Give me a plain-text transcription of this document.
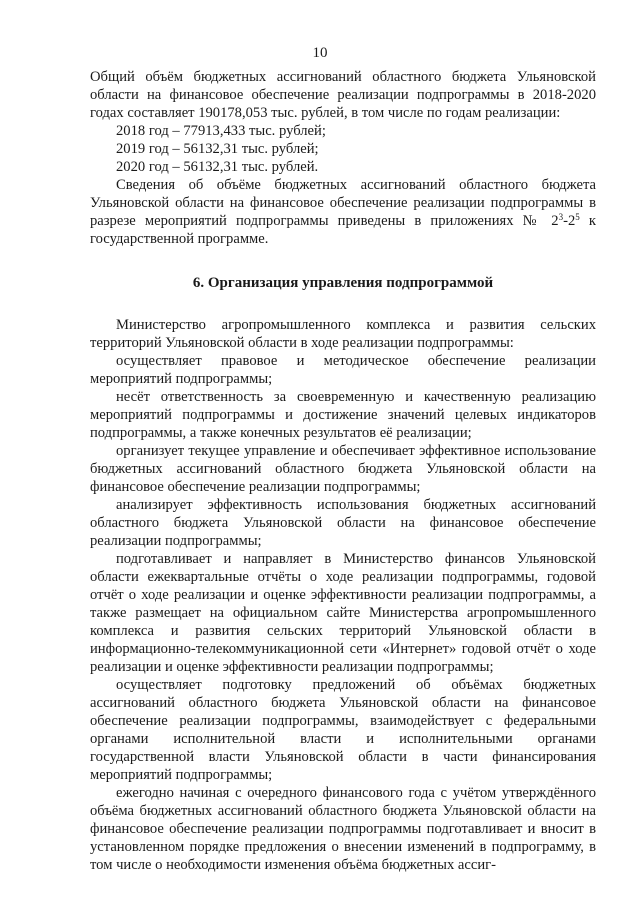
10

Общий объём бюджетных ассигнований областного бюджета Ульяновской области на финансовое обеспечение реализации подпрограммы в 2018-2020 годах составляет 190178,053 тыс. рублей, в том числе по годам реализации:

2018 год – 77913,433 тыс. рублей;

2019 год – 56132,31 тыс. рублей;

2020 год – 56132,31 тыс. рублей.

Сведения об объёме бюджетных ассигнований областного бюджета Ульяновской области на финансовое обеспечение реализации подпрограммы в разрезе мероприятий подпрограммы приведены в приложениях № $2^3-2^5$ к государственной программе.

6. Организация управления подпрограммой

Министерство агропромышленного комплекса и развития сельских территорий Ульяновской области в ходе реализации подпрограммы:

осуществляет правовое и методическое обеспечение реализации мероприятий подпрограммы;

несёт ответственность за своевременную и качественную реализацию мероприятий подпрограммы и достижение значений целевых индикаторов подпрограммы, а также конечных результатов её реализации;

организует текущее управление и обеспечивает эффективное использование бюджетных ассигнований областного бюджета Ульяновской области на финансовое обеспечение реализации подпрограммы;

анализирует эффективность использования бюджетных ассигнований областного бюджета Ульяновской области на финансовое обеспечение реализации подпрограммы;

подготавливает и направляет в Министерство финансов Ульяновской области ежеквартальные отчёты о ходе реализации подпрограммы, годовой отчёт о ходе реализации и оценке эффективности реализации подпрограммы, а также размещает на официальном сайте Министерства агропромышленного комплекса и развития сельских территорий Ульяновской области в информационно-телекоммуникационной сети «Интернет» годовой отчёт о ходе реализации и оценке эффективности реализации подпрограммы;

осуществляет подготовку предложений об объёмах бюджетных ассигнований областного бюджета Ульяновской области на финансовое обеспечение реализации подпрограммы, взаимодействует с федеральными органами исполнительной власти и исполнительными органами государственной власти Ульяновской области в части финансирования мероприятий подпрограммы;

ежегодно начиная с очередного финансового года с учётом утверждённого объёма бюджетных ассигнований областного бюджета Ульяновской области на финансовое обеспечение реализации подпрограммы подготавливает и вносит в установленном порядке предложения о внесении изменений в подпрограмму, в том числе о необходимости изменения объёма бюджетных ассиг-
